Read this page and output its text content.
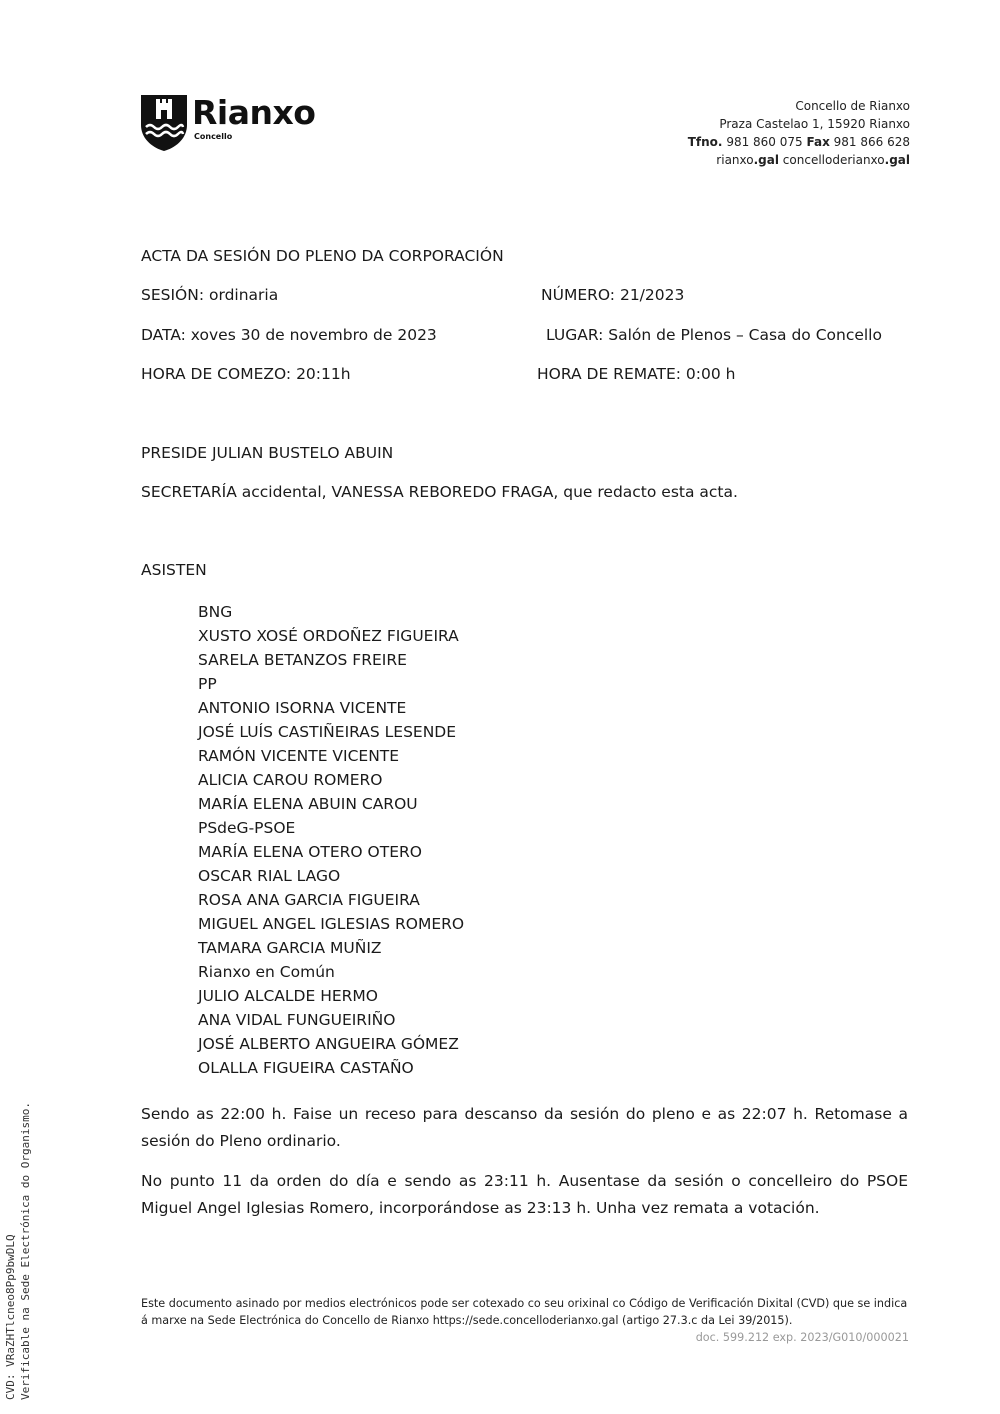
Rianxo
Concello
Concello de Rianxo
Praza Castelao 1, 15920 Rianxo
Tfno. 981 860 075 Fax 981 866 628
rianxo.gal concelloderianxo.gal
ACTA DA SESIÓN DO PLENO DA CORPORACIÓN
SESIÓN: ordinaria	NÚMERO: 21/2023
DATA: xoves 30 de novembro de 2023	LUGAR: Salón de Plenos – Casa do Concello
HORA DE COMEZO: 20:11h	HORA DE REMATE: 0:00 h
PRESIDE JULIAN BUSTELO ABUIN
SECRETARÍA accidental, VANESSA REBOREDO FRAGA, que redacto esta acta.
ASISTEN
BNG
XUSTO XOSÉ ORDOÑEZ FIGUEIRA
SARELA BETANZOS FREIRE
PP
ANTONIO ISORNA VICENTE
JOSÉ LUÍS CASTIÑEIRAS LESENDE
RAMÓN VICENTE VICENTE
ALICIA CAROU ROMERO
MARÍA ELENA ABUIN CAROU
PSdeG-PSOE
MARÍA ELENA OTERO OTERO
OSCAR RIAL LAGO
ROSA ANA GARCIA FIGUEIRA
MIGUEL ANGEL IGLESIAS ROMERO
TAMARA GARCIA MUÑIZ
Rianxo en Común
JULIO ALCALDE HERMO
ANA VIDAL FUNGUEIRIÑO
JOSÉ ALBERTO ANGUEIRA GÓMEZ
OLALLA FIGUEIRA CASTAÑO
Sendo as 22:00 h. Faise un receso para descanso da sesión do pleno e as 22:07 h. Retomase a sesión do Pleno ordinario.
No punto 11 da orden do día e sendo as 23:11 h. Ausentase da sesión o concelleiro do PSOE Miguel Angel Iglesias Romero, incorporándose as 23:13 h. Unha vez remata a votación.
Este documento asinado por medios electrónicos pode ser cotexado co seu orixinal co Código de Verificación Dixital (CVD) que se indica á marxe na Sede Electrónica do Concello de Rianxo https://sede.concelloderianxo.gal (artigo 27.3.c da Lei 39/2015).
doc. 599.212 exp. 2023/G010/000021
CVD: VRaZHTlcneo8Pp9bwDLQ Verificable na Sede Electrónica do Organismo.
